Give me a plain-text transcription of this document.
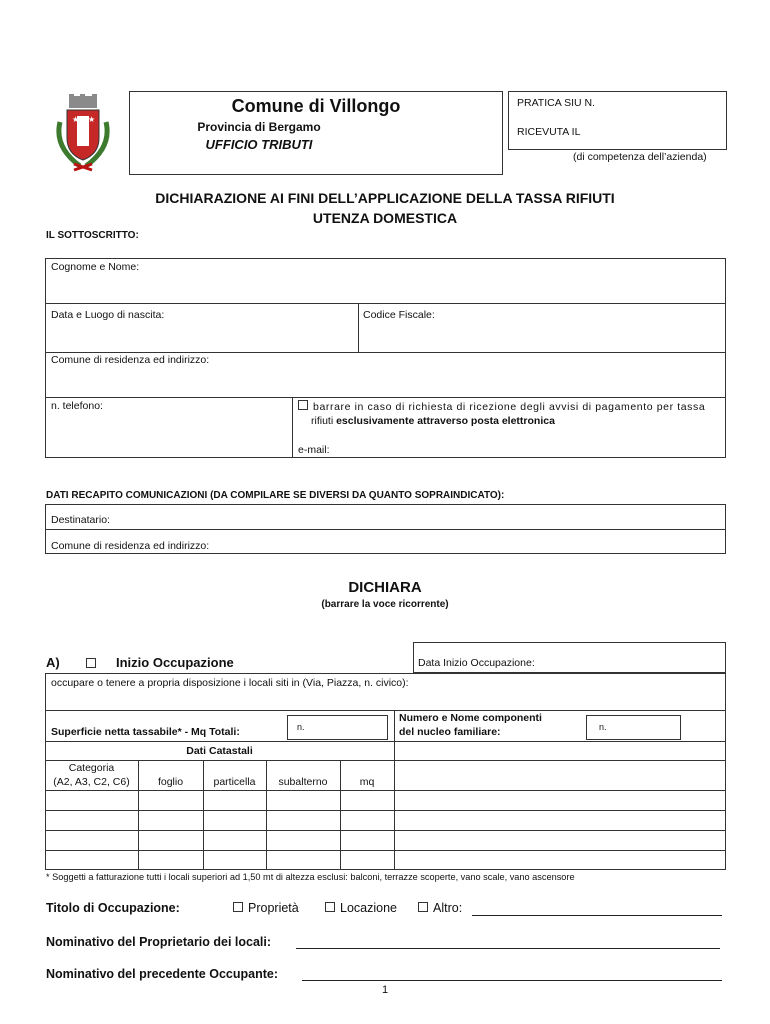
★ ★
Comune di Villongo
Provincia di Bergamo
UFFICIO TRIBUTI
PRATICA SIU N.
RICEVUTA IL
(di competenza dell’azienda)
DICHIARAZIONE AI FINI DELL’APPLICAZIONE DELLA TASSA RIFIUTI
UTENZA DOMESTICA
IL SOTTOSCRITTO:
Cognome e Nome:
Data e Luogo di nascita:	Codice Fiscale:
Comune di residenza ed indirizzo:
n. telefono:	barrare in caso di richiesta di ricezione degli avvisi di pagamento per tassa
rifiuti esclusivamente attraverso posta elettronica
e-mail:
DATI RECAPITO COMUNICAZIONI (DA COMPILARE SE DIVERSI DA QUANTO SOPRAINDICATO):
Destinatario:
Comune di residenza ed indirizzo:
DICHIARA
(barrare la voce ricorrente)
A)	Inizio Occupazione	Data Inizio Occupazione:
occupare o tenere a propria disposizione i locali siti in (Via, Piazza, n. civico):
Superficie netta tassabile* - Mq Totali:	n.
Numero e Nome componenti
del nucleo familiare:	n.
Dati Catastali
Categoria
(A2, A3, C2, C6)	foglio	particella	subalterno	mq
* Soggetti a fatturazione tutti i locali superiori ad 1,50 mt di altezza esclusi: balconi, terrazze scoperte, vano scale, vano ascensore
Titolo di Occupazione:	Proprietà	Locazione	Altro:
Nominativo del Proprietario dei locali:
Nominativo del precedente Occupante:
1
